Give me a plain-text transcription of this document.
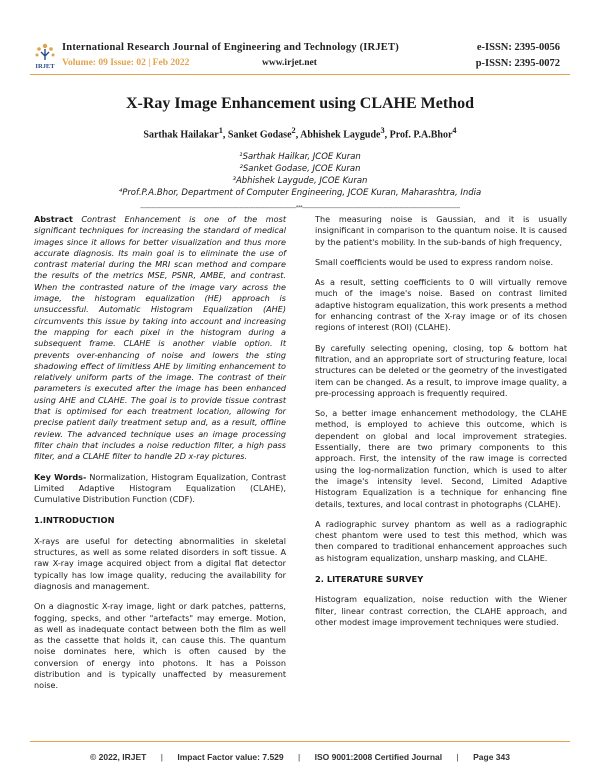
IRJET
International Research Journal of Engineering and Technology (IRJET)
Volume: 09 Issue: 02 | Feb 2022	www.irjet.net
e-ISSN: 2395-0056
p-ISSN: 2395-0072
X-Ray Image Enhancement using CLAHE Method
Sarthak Hailakar$^1$, Sanket Godase$^2$, Abhishek Laygude$^3$, Prof. P.A.Bhor$^4$
¹Sarthak Hailkar, JCOE Kuran
²Sanket Godase, JCOE Kuran
³Abhishek Laygude, JCOE Kuran
⁴Prof.P.A.Bhor, Department of Computer Engineering, JCOE Kuran, Maharashtra, India
-------------------------------------------------------------------------------------***--------------------------------------------------------------------------------------

Abstract Contrast Enhancement is one of the most significant techniques for increasing the standard of medical images since it allows for better visualization and thus more accurate diagnosis. Its main goal is to eliminate the use of contrast material during the MRI scan method and compare the results of the metrics MSE, PSNR, AMBE, and contrast. When the contrasted nature of the image vary across the image, the histogram equalization (HE) approach is unsuccessful. Automatic Histogram Equalization (AHE) circumvents this issue by taking into account and increasing the mapping for each pixel in the histogram during a subsequent frame. CLAHE is another viable option. It prevents over-enhancing of noise and lowers the sting shadowing effect of limitless AHE by limiting enhancement to relatively uniform parts of the image. The contrast of their parameters is executed after the image has been enhanced using AHE and CLAHE. The goal is to provide tissue contrast that is optimised for each treatment location, allowing for precise patient daily treatment setup and, as a result, offline review. The advanced technique uses an image processing filter chain that includes a noise reduction filter, a high pass filter, and a CLAHE filter to handle 2D x-ray pictures.

Key Words- Normalization, Histogram Equalization, Contrast Limited Adaptive Histogram Equalization (CLAHE), Cumulative Distribution Function (CDF).

1.INTRODUCTION

X-rays are useful for detecting abnormalities in skeletal structures, as well as some related disorders in soft tissue. A raw X-ray image acquired object from a digital flat detector typically has low image quality, reducing the availability for diagnosis and management.

On a diagnostic X-ray image, light or dark patches, patterns, fogging, specks, and other "artefacts" may emerge. Motion, as well as inadequate contact between both the film as well as the cassette that holds it, can cause this. The quantum noise dominates here, which is often caused by the conversion of energy into photons. It has a Poisson distribution and is typically unaffected by measurement noise.

The measuring noise is Gaussian, and it is usually insignificant in comparison to the quantum noise. It is caused by the patient's mobility. In the sub-bands of high frequency,

Small coefficients would be used to express random noise.

As a result, setting coefficients to 0 will virtually remove much of the image's noise. Based on contrast limited adaptive histogram equalization, this work presents a method for enhancing contrast of the X-ray image or of its chosen regions of interest (ROI) (CLAHE).

By carefully selecting opening, closing, top & bottom hat filtration, and an appropriate sort of structuring feature, local structures can be deleted or the geometry of the investigated item can be changed. As a result, to improve image quality, a pre-processing approach is frequently required.

So, a better image enhancement methodology, the CLAHE method, is employed to achieve this outcome, which is dependent on global and local improvement strategies. Essentially, there are two primary components to this approach. First, the intensity of the raw image is corrected using the log-normalization function, which is used to alter the image's intensity level. Second, Limited Adaptive Histogram Equalization is a technique for enhancing fine details, textures, and local contrast in photographs (CLAHE).

A radiographic survey phantom as well as a radiographic chest phantom were used to test this method, which was then compared to traditional enhancement approaches such as histogram equalization, unsharp masking, and CLAHE.

2. LITERATURE SURVEY

Histogram equalization, noise reduction with the Wiener filter, linear contrast correction, the CLAHE approach, and other modest image improvement techniques were studied.

© 2022, IRJET | Impact Factor value: 7.529 | ISO 9001:2008 Certified Journal | Page 343
